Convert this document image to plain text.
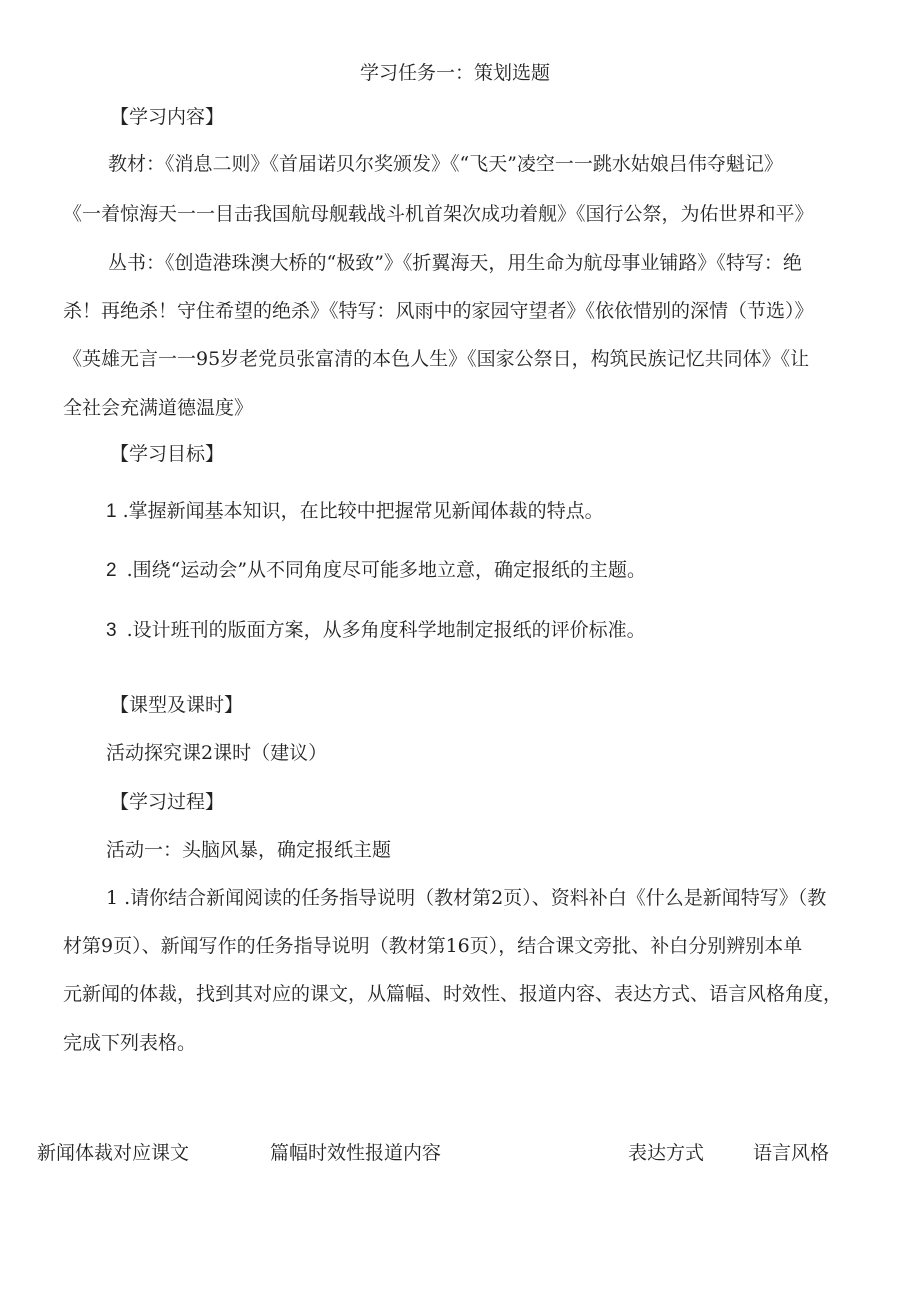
学习任务一：策划选题
【学习内容】
教材：《消息二则》《首届诺贝尔奖颁发》《“飞天”凌空一一跳水姑娘吕伟夺魁记》
《一着惊海天一一目击我国航母舰载战斗机首架次成功着舰》《国行公祭，为佑世界和平》
丛书：《创造港珠澳大桥的“极致”》《折翼海天，用生命为航母事业铺路》《特写：绝
杀！再绝杀！守住希望的绝杀》《特写：风雨中的家园守望者》《依依惜别的深情（节选）》
《英雄无言一一95岁老党员张富清的本色人生》《国家公祭日，构筑民族记忆共同体》《让
全社会充满道德温度》
【学习目标】
1 .掌握新闻基本知识，在比较中把握常见新闻体裁的特点。
2 .围绕“运动会”从不同角度尽可能多地立意，确定报纸的主题。
3 .设计班刊的版面方案，从多角度科学地制定报纸的评价标准。
【课型及课时】
活动探究课2课时（建议）
【学习过程】
活动一：头脑风暴，确定报纸主题
1 .请你结合新闻阅读的任务指导说明（教材第2页）、资料补白《什么是新闻特写》（教
材第9页）、新闻写作的任务指导说明（教材第16页），结合课文旁批、补白分别辨别本单
元新闻的体裁，找到其对应的课文，从篇幅、时效性、报道内容、表达方式、语言风格角度，
完成下列表格。
新闻体裁对应课文	篇幅时效性报道内容	表达方式	语言风格
